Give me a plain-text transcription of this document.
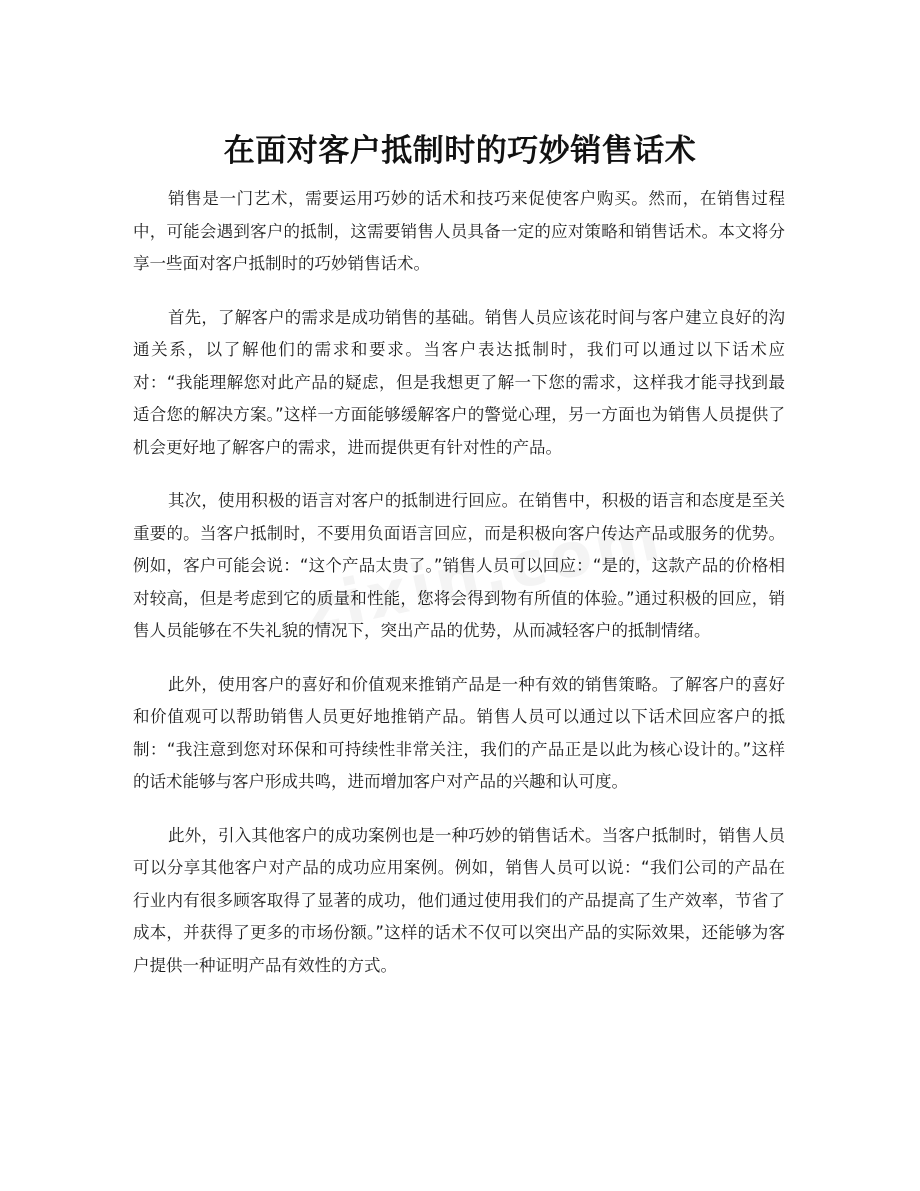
在面对客户抵制时的巧妙销售话术

销售是一门艺术，需要运用巧妙的话术和技巧来促使客户购买。然而，在销售过程中，可能会遇到客户的抵制，这需要销售人员具备一定的应对策略和销售话术。本文将分享一些面对客户抵制时的巧妙销售话术。

首先，了解客户的需求是成功销售的基础。销售人员应该花时间与客户建立良好的沟通关系，以了解他们的需求和要求。当客户表达抵制时，我们可以通过以下话术应对：“我能理解您对此产品的疑虑，但是我想更了解一下您的需求，这样我才能寻找到最适合您的解决方案。”这样一方面能够缓解客户的警觉心理，另一方面也为销售人员提供了机会更好地了解客户的需求，进而提供更有针对性的产品。

其次，使用积极的语言对客户的抵制进行回应。在销售中，积极的语言和态度是至关重要的。当客户抵制时，不要用负面语言回应，而是积极向客户传达产品或服务的优势。例如，客户可能会说：“这个产品太贵了。”销售人员可以回应：“是的，这款产品的价格相对较高，但是考虑到它的质量和性能，您将会得到物有所值的体验。”通过积极的回应，销售人员能够在不失礼貌的情况下，突出产品的优势，从而减轻客户的抵制情绪。

此外，使用客户的喜好和价值观来推销产品是一种有效的销售策略。了解客户的喜好和价值观可以帮助销售人员更好地推销产品。销售人员可以通过以下话术回应客户的抵制：“我注意到您对环保和可持续性非常关注，我们的产品正是以此为核心设计的。”这样的话术能够与客户形成共鸣，进而增加客户对产品的兴趣和认可度。

此外，引入其他客户的成功案例也是一种巧妙的销售话术。当客户抵制时，销售人员可以分享其他客户对产品的成功应用案例。例如，销售人员可以说：“我们公司的产品在行业内有很多顾客取得了显著的成功，他们通过使用我们的产品提高了生产效率，节省了成本，并获得了更多的市场份额。”这样的话术不仅可以突出产品的实际效果，还能够为客户提供一种证明产品有效性的方式。
